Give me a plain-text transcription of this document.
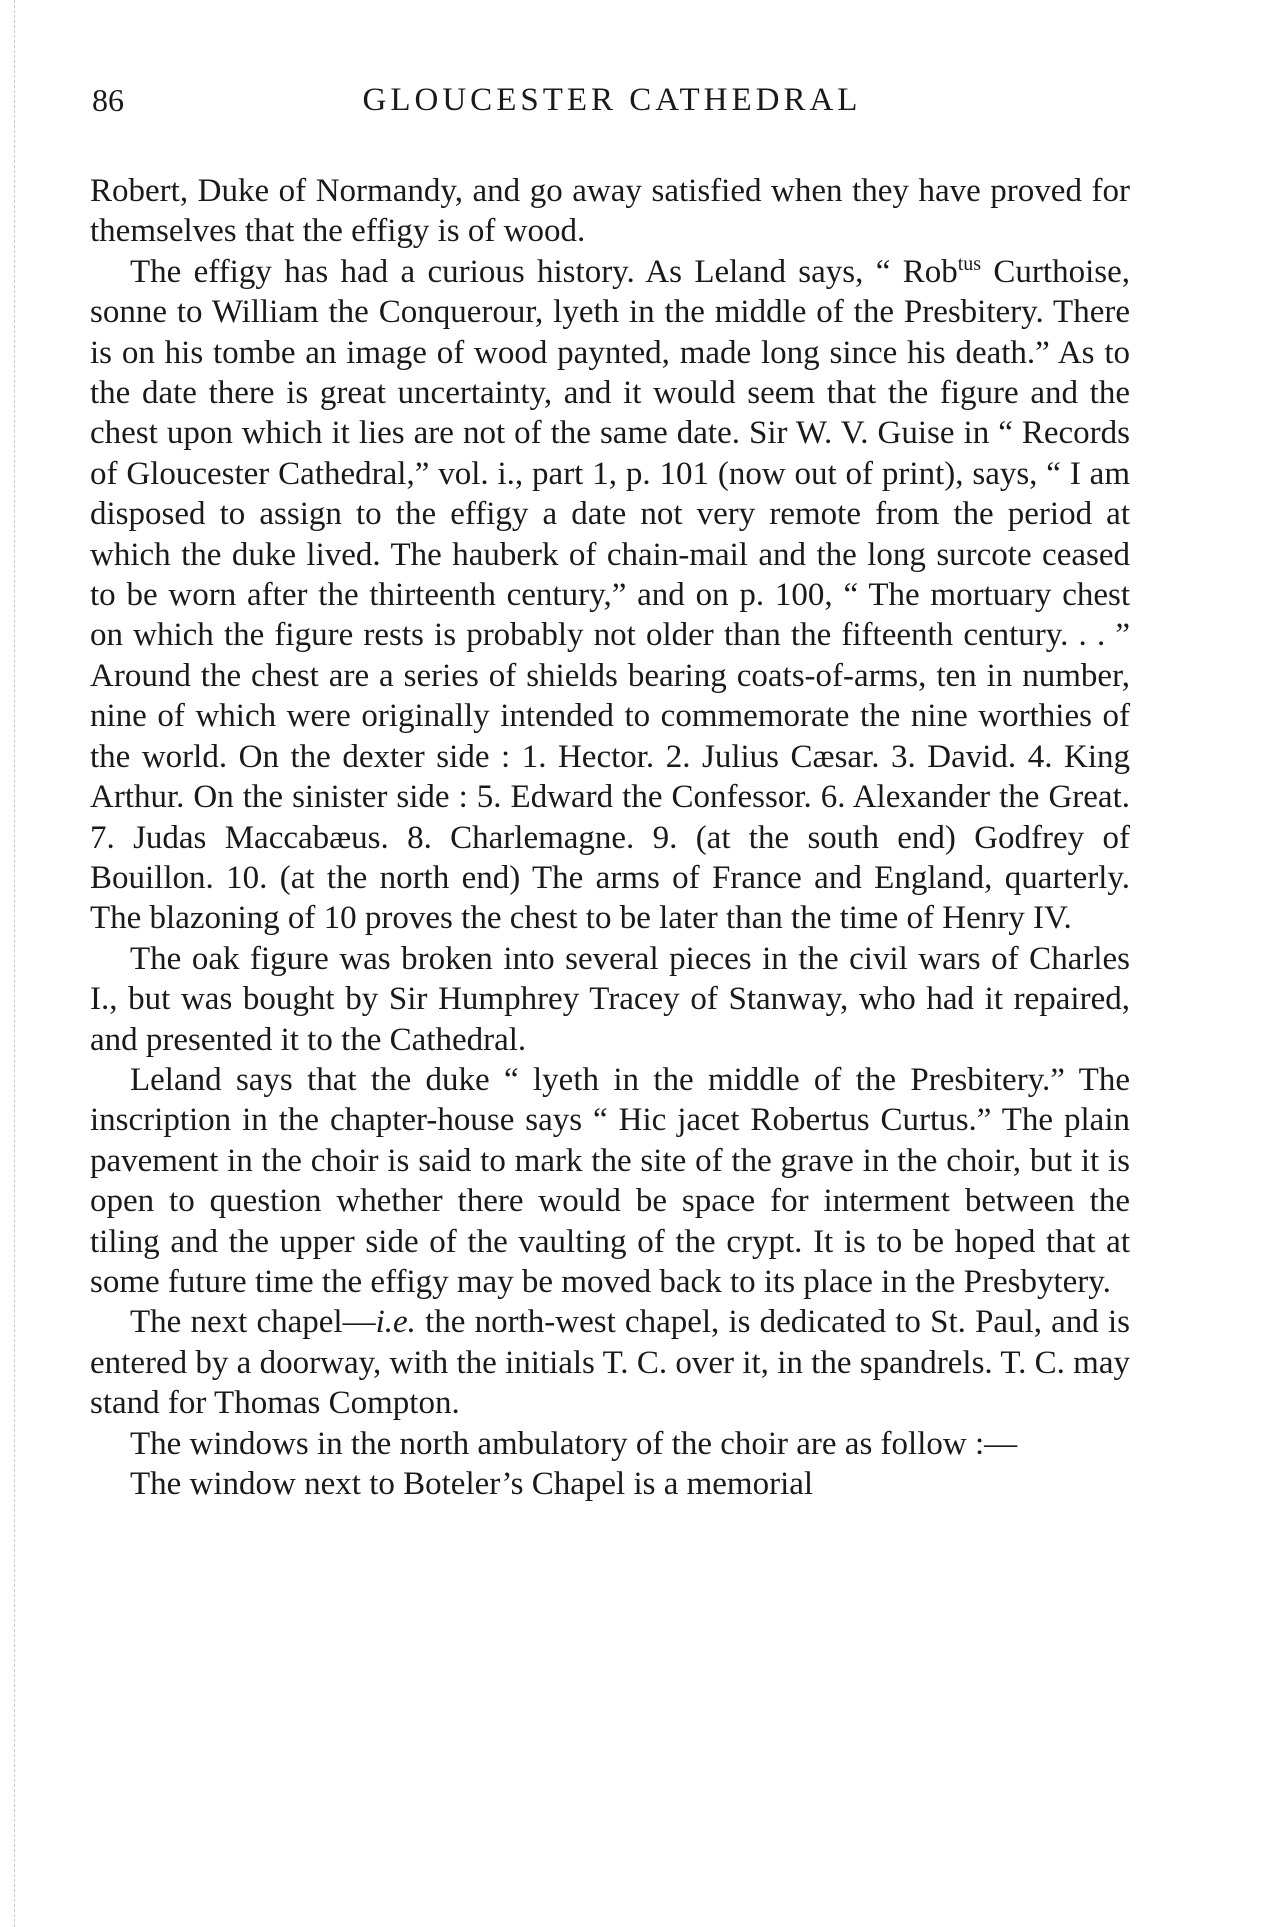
86	GLOUCESTER CATHEDRAL

Robert, Duke of Normandy, and go away satisfied when they have proved for themselves that the effigy is of wood.

The effigy has had a curious history. As Leland says, “ Rob$^{tus}$ Curthoise, sonne to William the Conquerour, lyeth in the middle of the Presbitery. There is on his tombe an image of wood paynted, made long since his death.” As to the date there is great uncertainty, and it would seem that the figure and the chest upon which it lies are not of the same date. Sir W. V. Guise in “ Records of Gloucester Cathedral,” vol. i., part 1, p. 101 (now out of print), says, “ I am disposed to assign to the effigy a date not very remote from the period at which the duke lived. The hauberk of chain-mail and the long surcote ceased to be worn after the thirteenth century,” and on p. 100, “ The mortuary chest on which the figure rests is probably not older than the fifteenth century. . . ” Around the chest are a series of shields bearing coats-of-arms, ten in number, nine of which were originally intended to commemorate the nine worthies of the world. On the dexter side : 1. Hector. 2. Julius Cæsar. 3. David. 4. King Arthur. On the sinister side : 5. Edward the Confessor. 6. Alexander the Great. 7. Judas Maccabæus. 8. Charlemagne. 9. (at the south end) Godfrey of Bouillon. 10. (at the north end) The arms of France and England, quarterly. The blazoning of 10 proves the chest to be later than the time of Henry IV.

The oak figure was broken into several pieces in the civil wars of Charles I., but was bought by Sir Humphrey Tracey of Stanway, who had it repaired, and presented it to the Cathedral.

Leland says that the duke “ lyeth in the middle of the Presbitery.” The inscription in the chapter-house says “ Hic jacet Robertus Curtus.” The plain pavement in the choir is said to mark the site of the grave in the choir, but it is open to question whether there would be space for interment between the tiling and the upper side of the vaulting of the crypt. It is to be hoped that at some future time the effigy may be moved back to its place in the Presbytery.

The next chapel—i.e. the north-west chapel, is dedicated to St. Paul, and is entered by a doorway, with the initials T. C. over it, in the spandrels. T. C. may stand for Thomas Compton.

The windows in the north ambulatory of the choir are as follow :—

The window next to Boteler’s Chapel is a memorial
